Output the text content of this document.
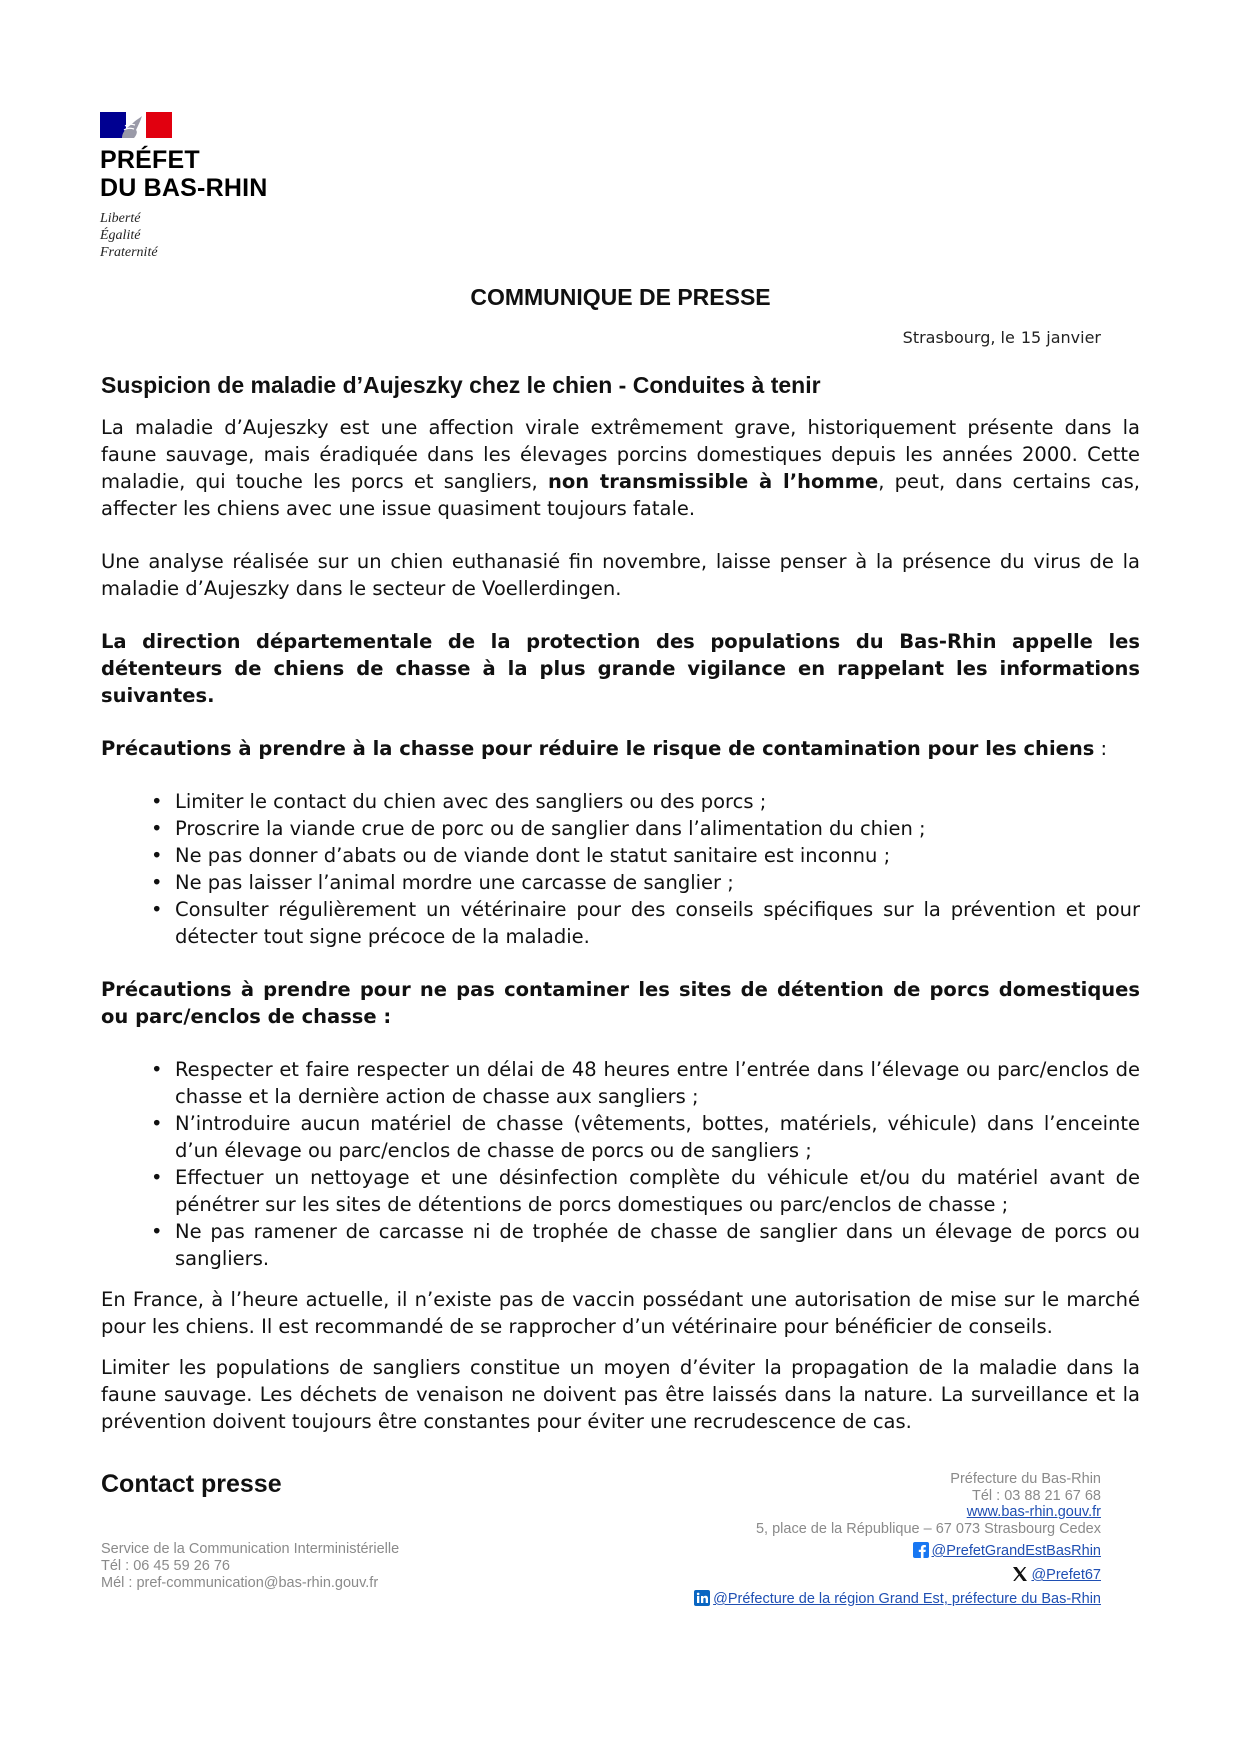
PRÉFET
DU BAS-RHIN
Liberté
Égalité
Fraternité
COMMUNIQUE DE PRESSE
Strasbourg, le 15 janvier
Suspicion de maladie d’Aujeszky chez le chien - Conduites à tenir

La maladie d’Aujeszky est une affection virale extrêmement grave, historiquement présente dans la faune sauvage, mais éradiquée dans les élevages porcins domestiques depuis les années 2000. Cette maladie, qui touche les porcs et sangliers, non transmissible à l’homme, peut, dans certains cas, affecter les chiens avec une issue quasiment toujours fatale.

Une analyse réalisée sur un chien euthanasié fin novembre, laisse penser à la présence du virus de la maladie d’Aujeszky dans le secteur de Voellerdingen.

La direction départementale de la protection des populations du Bas-Rhin appelle les détenteurs de chiens de chasse à la plus grande vigilance en rappelant les informations suivantes.

Précautions à prendre à la chasse pour réduire le risque de contamination pour les chiens :

• Limiter le contact du chien avec des sangliers ou des porcs ;
• Proscrire la viande crue de porc ou de sanglier dans l’alimentation du chien ;
• Ne pas donner d’abats ou de viande dont le statut sanitaire est inconnu ;
• Ne pas laisser l’animal mordre une carcasse de sanglier ;
• Consulter régulièrement un vétérinaire pour des conseils spécifiques sur la prévention et pour détecter tout signe précoce de la maladie.

Précautions à prendre pour ne pas contaminer les sites de détention de porcs domestiques ou parc/enclos de chasse :

• Respecter et faire respecter un délai de 48 heures entre l’entrée dans l’élevage ou parc/enclos de chasse et la dernière action de chasse aux sangliers ;
• N’introduire aucun matériel de chasse (vêtements, bottes, matériels, véhicule) dans l’enceinte d’un élevage ou parc/enclos de chasse de porcs ou de sangliers ;
• Effectuer un nettoyage et une désinfection complète du véhicule et/ou du matériel avant de pénétrer sur les sites de détentions de porcs domestiques ou parc/enclos de chasse ;
• Ne pas ramener de carcasse ni de trophée de chasse de sanglier dans un élevage de porcs ou sangliers.

En France, à l’heure actuelle, il n’existe pas de vaccin possédant une autorisation de mise sur le marché pour les chiens. Il est recommandé de se rapprocher d’un vétérinaire pour bénéficier de conseils.

Limiter les populations de sangliers constitue un moyen d’éviter la propagation de la maladie dans la faune sauvage. Les déchets de venaison ne doivent pas être laissés dans la nature. La surveillance et la prévention doivent toujours être constantes pour éviter une recrudescence de cas.

Contact presse
Service de la Communication Interministérielle
Tél : 06 45 59 26 76
Mél : pref-communication@bas-rhin.gouv.fr
Préfecture du Bas-Rhin
Tél : 03 88 21 67 68
www.bas-rhin.gouv.fr
5, place de la République – 67 073 Strasbourg Cedex
@PrefetGrandEstBasRhin
@Prefet67
@Préfecture de la région Grand Est, préfecture du Bas-Rhin
